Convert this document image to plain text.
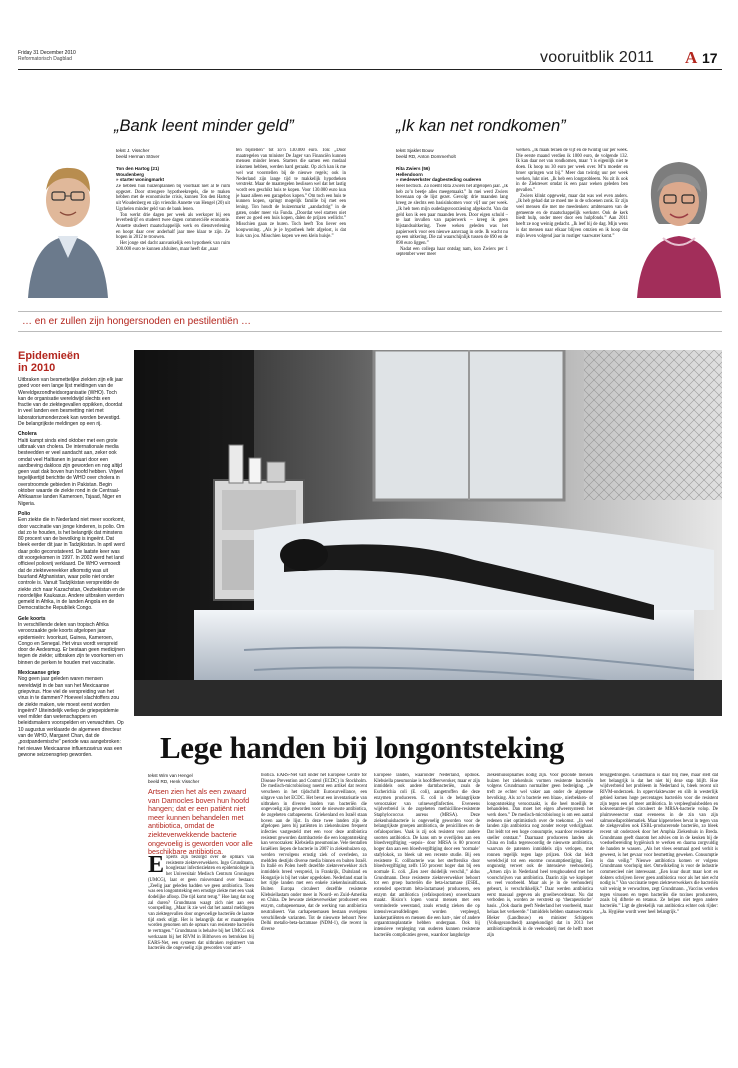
Friday 31 December 2010
Reformatorisch Dagblad	vooruitblik 2011 A 17
„Bank leent minder geld”

tekst J. Visscher

beeld Herman Stöver

Ton den Hartog (21)

Woudenberg

» starter woningmarkt

Ze hebben hun huizenplannen bij voorbaat niet al te ruim opgezet. Door strengere hypotheekregels, die te maken hebben met de economische crisis, kunnen Ton den Hartog uit Woudenberg en zijn vriendin Annette van Hengel (20) uit Ugchelen minder geld van de bank lenen.

Ton werkt drie dagen per week als werkoper bij een leverbedrijf en studeert twee dagen commerciële economie. Annette studeert maatschappelijk werk en dienstverlening en hoopt daar over anderhalf jaar mee klaar te zijn. Ze hopen in 2012 te trouwen.

Het jonge stel dacht aanvankelijk een hypotheek van ruim 300.000 euro te kunnen afsluiten, maar heeft dat „naar

ten bijstellen” tot zo’n 130.000 euro. Ton: „Door maatregelen van minister De Jager van Financiën kunnen mensen minder lenen. Starters die samen een modaal inkomen hebben, werden hard geraakt. Op zich kan ik me wel wat voorstellen bij de nieuwe regels; ook in Nederland zijn lange tijd te makkelijk hypotheken verstrekt. Maar de maatregelen beslissen wel dat het lastig wordt een geschikt huis te kopen. Voor 130.000 euro kun je haast alleen een garagebox kopen.” Om toch een huis te kunnen kopen, springt mogelijk familie bij met een lening. Ton houdt de huizenmarkt „aandachtig” in de gaten, onder meer via Funda. „Doordat veel starters niet meer zo goed een huis kopen, dalen de prijzen wellicht.” Misschien gaan ze huren. Toch heeft Ton liever een koopwoning. „Als je je hypotheek hebt afgelost, is dat huis van jou. Misschien kopen we een klein huisje.”

„Ik kan net rondkomen”

tekst Sjaklet Bouw

beeld RD, Anton Dommerholt

Rita Zwiers (56)

Hellendoorn

» medewerkster dagbesteding ouderen

Heel hectisch. Zo noemt Rita Zwiers het afgelopen jaar. „Ik heb zo’n beetje alles meegemaakt.” In mei werd Zwiers bovenaan op de lijst gezet. Gevolg: drie maanden lang kreeg ze slechts een basisinkomen voor vijf uur per week. „Ik heb toen mijn oudedagsvoorziening afgekocht. Van dat geld kon ik een paar maanden leven. Door eigen schuld – te laat invullen van papierwerk – kreeg ik geen bijstandsuitkering. Twee weken geleden was het papierwerk voor een nieuwe aanvraag in orde. Ik wacht nu op een uitkering. Die zal waarschijnlijk tussen de 690 en de 890 euro liggen.”

Nadat een collega haar ontslag nam, kon Zwiers per 1 september weer meer

werken. „Ik maak teraen de vijf en de twintig uur per week. Die eerste maand verdien ik 1000 euro, de volgende 132. Ik kan daar net van rondkomen, maar ’t is eigenlijk niet te doen. Ik hoop nu 30 euro per week over. M’n moeder en broer springen wat bij.” Meer dan twintig uur per week werken, lukt niet. „Ik heb een longprobleem. Nu zit ik ook in de Ziektewet omdat ik een paar weken geleden ben gevallen.”

Zwiers klinkt opgewekt, maar dat was wel even anders. „Ik heb gehad dat ze moed me in de schoenen zonk. Er zijn veel mensen die met me meedenken: ambtenaren van de gemeente en de maatschappelijk werkster. Ook de kerk biedt hulp, onder meer door een hulpfonds.” Aan 2011 heeft ze nog weinig gedacht. „Ik leef bij de dag. Mijn wens is dat mensen naar elkaar blijven omzien en ik hoop dat mijn leven volgend jaar in rustiger vaarwater komt.”

… en er zullen zijn hongersnoden en pestilentiën …
Epidemieën in 2010

Uitbraken van besmettelijke ziekten zijn elk jaar goed voor een lange lijst meldingen van de Wereldgezondheidsorganisatie (WHO). Toch kan de organisatie wereldwijd slechts een fractie van de ziektegevallen oppikken, doordat in veel landen een besmetting niet met laboratoriumonderzoek kan worden bevestigd. De belangrijkste meldingen op een rij.

Cholera

Haïti kampt sinds eind oktober met een grote uitbraak van cholera. De internationale media besteedden er veel aandacht aan, zeker ook omdat veel Haïtianen in januari door een aardbeving dakloos zijn geworden en nog altijd geen vast dak boven hun hoofd hebben. Vrijwel tegelijkertijd berichtte de WHO over cholera in overstroomde gebieden in Pakistan. Begin oktober waarde de ziekte rond in de Centraal-Afrikaanse landen Kameroen, Tsjaad, Niger en Nigeria.

Polio

Een ziekte die in Nederland niet meer voorkomt, door vaccinatie van jonge kinderen, is polio. Om dat zo te houden, is het belangrijk dat minstens 80 procent van de bevolking is ingeënt. Dat bleek eerder dit jaar in Tadzjikistan. In april werd daar polio geconstateerd. De laatste keer was dit voorgekomen in 1997. In 2002 werd het land officieel poliovrij verklaard. De WHO vermoedt dat de ziektevereekker afkomstig was uit buurland Afghanistan, waar polio niet onder controle is. Vanuit Tadzjikistan verspreidde de ziekte zich naar Kazachstan, Oezbekistan en de noordelijke Kaukasus. Andere uitbraken werden gemeld in Afrika, in de landen Angola en de Democratische Republiek Congo.

Gele koorts

In verschillende delen van tropisch Afrika veroorzaakte gele koorts afgelopen jaar epidemieën: Ivoorkust, Guinea, Kameroen, Congo en Senegal. Het virus wordt verspreid door de Aedesmug. Er bestaan geen medicijnen tegen de ziekte; uitbraken zijn te voorkomen en binnen de perken te houden met vaccinatie.

Mexicaanse griep

Nog geen jaar geleden waren mensen wereldwijd in de ban van het Mexicaanse griepvirus. Hoe viel de verspreiding van het virus in te dammen? Hoeveel slachtoffers zou de ziekte maken, wie moest eerst worden ingeënt? Uiteindelijk verliep de griepepidemie veel milder dan wetenschappers en beleidsmakers voorspelden en verwachtten. Op 10 augustus verklaarde de algemeen directeur van de WHO, Margaret Chan, dat de „postpandemische” periode was aangebroken: het nieuwe Mexicaanse influenzavirus was een gewone seizoensgriep geworden.	Lege handen bij longontsteking

tekst Wim van Hengel

beeld RD, Henk Visscher

Artsen zien het als een zwaard van Damocles boven hun hoofd hangen; dat er een patiënt niet meer kunnen behandelen met antibiotica, omdat de ziekteverwekkende bacterie ongevoelig is geworden voor alle beschikbare antibiotica.

Experts zijn bezorgd over de opmars van resistente ziekteverwekkers. Ingo Grundmann, hoogleraar infectieziekten en epidemiologie in het Universitair Medisch Centrum Groningen (UMCG), laat er geen misverstand over bestaan: „Zeelig jaar geleden hadden we geen antibiotica. Toen was een longontsteking een ernstige ziekte met een vaak dodelijke afloop. Die tijd komt terug.” Hoe lang dat nog zal duren? Grundmann waagt zich niet aan een voorspelling. „Maar ik zie wel dat het aantal meldingen van ziektegevallen door ongevoelige bacteriën de laatste tijd sterk stijgt. Het is belangrijk dat er maatregelen worden genomen om de opmars van resistente bacteriën te vertragen.” Grundmann is behalve bij het UMCG ook werkzaam bij het RIVM in Bilthoven en betrokken bij EARS-Net, een systeem dat uitbraken registreert van bacteriën die ongevoelig zijn geworden voor anti-

biotica. EARS-Net valt onder het Europese Centre for Disease Prevention and Control (ECDC) in Stockholm. De medisch-microbioloog noemt een artikel dat recent verscheen in het tijdschrift Eurosurveillance, een uitgave van het ECDC. Het bevat een inventarisatie van uitbraken in diverse landen van bacteriën die ongevoelig zijn geworden voor de nieuwste antibiotica, de zogeheten carbapenems. Griekenland en Israël staan boven aan de lijst. In deze twee landen zijn de afgelopen jaren bij patiënten in ziekenhuizen frequent infecties vastgesteld met een voor deze antibiotica resistent geworden darmbacterie die een longontsteking kan veroorzaken: Klebsiella pneumoniae. Vele tientallen Israëliers liepen de bacterie in 2007 in ziekenhuizen op, werden vervolgens ernstig ziek of overleden, zo meldden destijds diverse media binnen en buiten Israël. In Italië en Polen heeft dezelfde ziekteverwekker zich inmiddels breed verspreid, in Frankrijk, Duitsland en Hongarije is bij het vaker opgedoken. Nederland staat in het rijtje landen met een enkele ziekenhuisuitbraak. Buiten Europa circuleert dezelfde resistente Klebsiellastam onder meer in Noord- en Zuid-Amerika en China. De bewuste ziekteverwekker produceert een enzym, carbapenemase, dat de werking van antibiotica neutraliseert. Van carbapenemasen bestaan overigens verschillende varianten. Tot de nieuwste behoort New Delhi metallo-beta-lactamase (NDM-1), die recent in diverse

Europese landen, waaronder Nederland, opdook. Klebsiella pneumoniae is hoofdfeerveroker, maar er zijn inmiddels ook andere darmbacteriën, zoals de Escherichia coli (E. coli), aangetroffen die deze enzymen produceren. E. coli is de belangrijkste veroorzaker van urinewegfinfecties. Eveneens wijdverbreid is de zogeheten methicilline-resistente Staphylococcus aureus (MRSA). Deze ziekenhuisbacterie is ongevoelig geworden voor de belangrijkste groepen antibiotica, de penicillines en de cefalosporines. Vaak is zij ook resistent voor andere soorten antibiotica. De kans om te overlijden aan een bloedvergiftiging –sepsis– door MRSA is 80 procent hoger dan aan een bloedvergiftiging door een ‘normale’ stafylokok, zo bleek uit een recente studie. Bij een resistente E. colibacterie was het sterftersiko door bloedvergiftiging zelfs 150 procent hoger dan bij een normale E. coli. „Een zeer duidelijk verschil,” aldus Grundmann. Deze resistente ziekteverwekker behoort tot een groep bacteriën die beta-lactamase (ESBL, extended spectrum bèta-lactamase) produceren, een enzym dat antibiotica (cefalosporinen) onwerkzaam maakt. Risico’s lopen vooral mensen met een verminderde weerstand, zoals ernstig zieken die op intensivecareafdelingen worden verpleegd, kankerpatiënten en mensen die een hart-, nier of andere orgaantransplantatie hebben ondergaan. Ook bij intensieve verpleging van ouderen kunnen resistente bacteriën complicaties geven, waardoor langdurige

ziekenhuisopnames nodig zijn. Voor gezonde mensen huizen het ziekenhuis vormen resistente bacteriën volgens Grundmann normaliter geen bedreiging. „Je treft ze echter wel vaker aan onder de algemene bevolking. Als zo’n bacterie een blaas-, nierbekken- of longontsteking veroorzaakt, is die heel moeilijk te behandelen. Dan moet het eigen afweersysteem het werk doen.” De medisch-microbioloog is om een aantal redenen niet optimistisch over de toekomst. „In veel landen zijn antibiotica nog zonder recept verkrijgbaar. Dat leidt tot een hoge consumptie, waardoor resistentie sneller ontstaat.” Daarnaast produceren landen als China en India tegenwoordig de nieuwste antibiotica, waarvan de patenten inmiddels zijn verlopen, met ronnen tegelijk tegen lage prijzen. Ook dat leidt wereldwijd tot een enorme consumptiestijging. Een ongunstig verwet ook de intensieve veehouderij. „Artsen zijn in Nederland heel terughoudend met het voorschrijven van antibiotica. Daarin zijn we koploper en veel voorbeeld. Maar als je in de veehouderij gebeurt, is verschrikkelijk.” Daar werden antibiotica eerst massaal gegeven als groeibevorderaar. Nu dat verboden is, worden ze verstrekt op ‘therapeutische’ basis. „Ook daarin geeft Nederland het voorbeeld, maar helaas het verkeerde.” Inmiddels hebben staatssecretaris Bleker (Landbouw) en minister Schippers (Volksgezondheid) aangekondigd dat in 2013 het antibioticagebruik in de veehouderij met de helft moet zijn

teruggedrongen. Grundmann is daar blij mee, maar stelt dat het belangrijk is dat het niet bij deze stap blijft. Hoe wijdverbreid het probleem in Nederland is, bleek recent uit RIVM-onderzoek. In oppervlaktewater en slib in westerlijk gebied komen hoge percentages bacteriën voor die resistent zijn tegen een of meer antibiotica. In verpleeghuisbedden en kokveerantie-rijen circuleert de MRSA-bacterie volop. De pluimveesector staat eveneens in de zin van zijn salmonellaproblematiek. Maar kippenvlees bevat in tegen van de ziekgevallen ook ESBL-producerende bacteriën, zo bleek recent uit onderzoek door het Amphia Ziekenhuis in Breda. Grundmann geeft daarom het advies om in de keuken bij de voedselbereiding hygiënisch te werken en daarna zorgvuldig de handen te wassen. „Als het vlees eenmaal goed verhit is geweest, is het gevaar voor besmetting geweken. Consumptie is dan veilig.” Nieuwe antibiotica komen er volgens Grundmann voorlopig niet. Ontwikkeling is voor de industrie commercieel niet interessant. „Een kuur duurt maar kort en dokters schrijven liever geen antibiotica voor als het niet echt nodig is.” Van vaccinatie tegen ziekteverwekkers die bacteriën valt weinig te verwachten, zegt Grundmann. „Vaccins werken tegen virussen en tegen bacteriën die toxines produceren, zoals bij difterie en tetanus. Ze helpen niet tegen andere bacteriën.” Ligt de gbrekelijk van antibiotica echter ook rijder: „Ja. Hygiëne wordt weer heel belangrijk.”
